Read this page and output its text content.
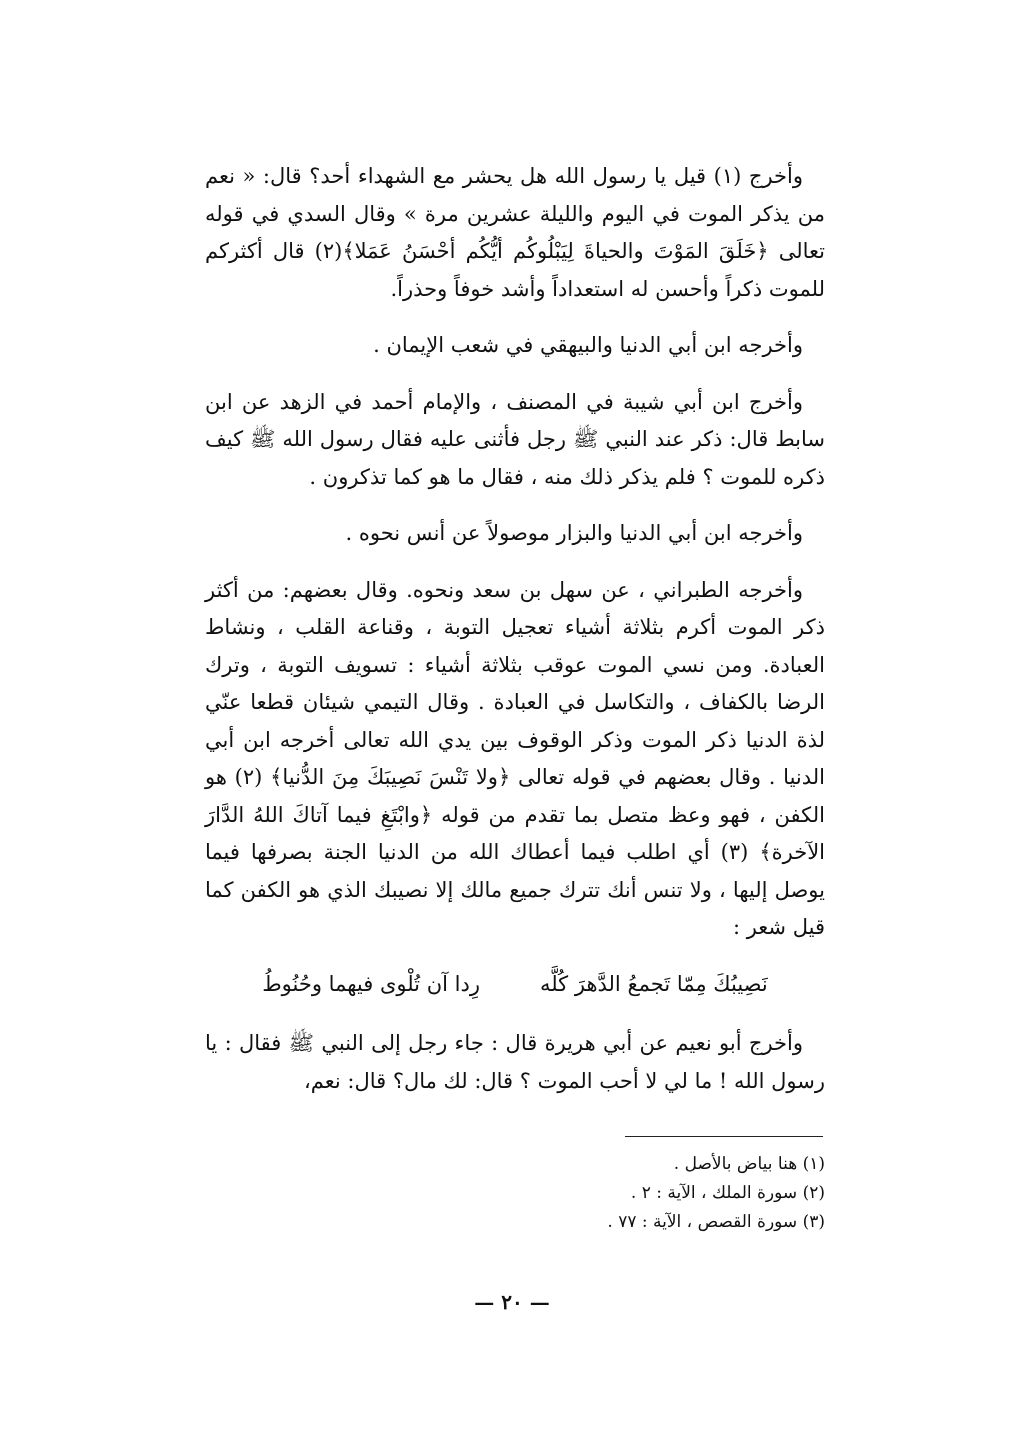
وأخرج (١) قيل يا رسول الله هل يحشر مع الشهداء أحد؟ قال: « نعم من يذكر الموت في اليوم والليلة عشرين مرة » وقال السدي في قوله تعالى ﴿خَلَقَ المَوْتَ والحياةَ لِيَبْلُوكُم أيُّكُم أحْسَنُ عَمَلا﴾(٢) قال أكثركم للموت ذكراً وأحسن له استعداداً وأشد خوفاً وحذراً.

وأخرجه ابن أبي الدنيا والبيهقي في شعب الإيمان .

وأخرج ابن أبي شيبة في المصنف ، والإمام أحمد في الزهد عن ابن سابط قال: ذكر عند النبي ﷺ رجل فأثنى عليه فقال رسول الله ﷺ كيف ذكره للموت ؟ فلم يذكر ذلك منه ، فقال ما هو كما تذكرون .

وأخرجه ابن أبي الدنيا والبزار موصولاً عن أنس نحوه .

وأخرجه الطبراني ، عن سهل بن سعد ونحوه. وقال بعضهم: من أكثر ذكر الموت أكرم بثلاثة أشياء تعجيل التوبة ، وقناعة القلب ، ونشاط العبادة. ومن نسي الموت عوقب بثلاثة أشياء : تسويف التوبة ، وترك الرضا بالكفاف ، والتكاسل في العبادة . وقال التيمي شيئان قطعا عنّي لذة الدنيا ذكر الموت وذكر الوقوف بين يدي الله تعالى أخرجه ابن أبي الدنيا . وقال بعضهم في قوله تعالى ﴿ولا تَنْسَ نَصِيبَكَ مِنَ الدُّنيا﴾ (٢) هو الكفن ، فهو وعظ متصل بما تقدم من قوله ﴿وابْتَغِ فيما آتاكَ اللهُ الدَّارَ الآخرة﴾ (٣) أي اطلب فيما أعطاك الله من الدنيا الجنة بصرفها فيما يوصل إليها ، ولا تنس أنك تترك جميع مالك إلا نصيبك الذي هو الكفن كما قيل شعر :

نَصِيبُكَ مِمّا تَجمعُ الدَّهرَ كُلَّه
رِدا آن تُلْوى فيهما وحُنُوطُ

وأخرج أبو نعيم عن أبي هريرة قال : جاء رجل إلى النبي ﷺ فقال : يا رسول الله ! ما لي لا أحب الموت ؟ قال: لك مال؟ قال: نعم،

(١) هنا بياض بالأصل .

(٢) سورة الملك ، الآية : ٢ .

(٣) سورة القصص ، الآية : ٧٧ .

— ٢٠ —
